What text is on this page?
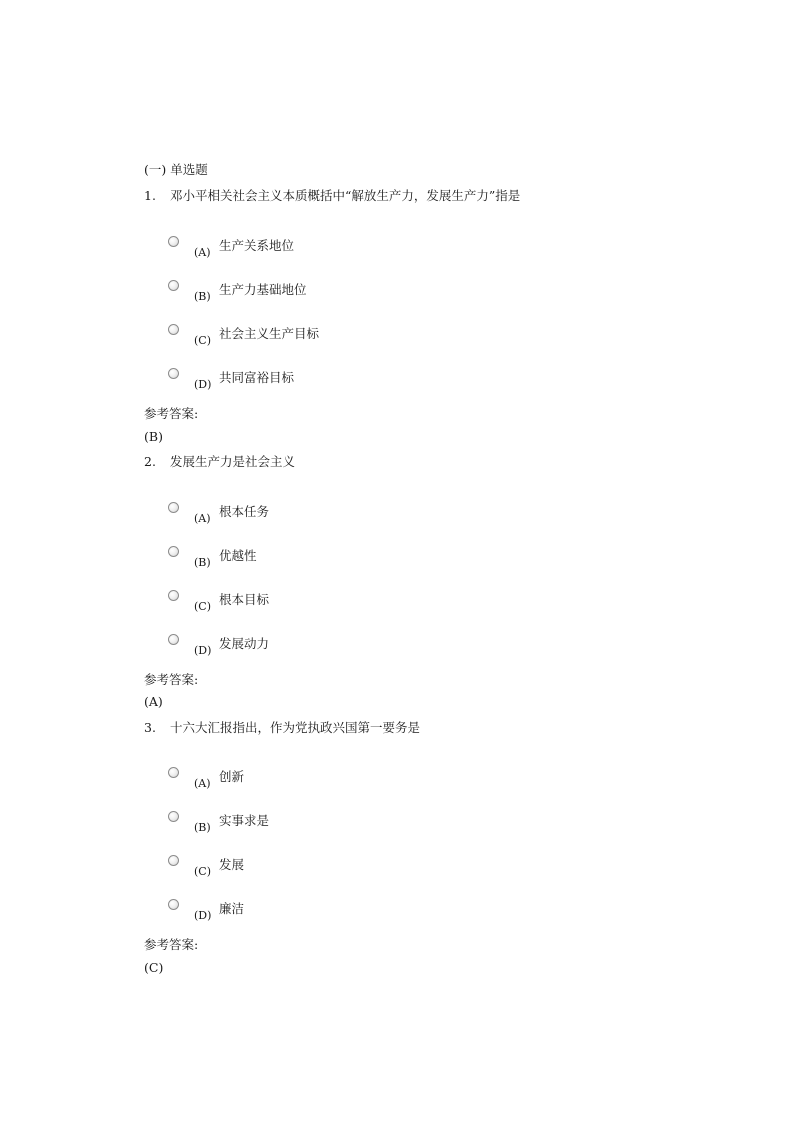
(一) 单选题
1. 邓小平相关社会主义本质概括中“解放生产力，发展生产力”指是
(A) 生产关系地位
(B) 生产力基础地位
(C) 社会主义生产目标
(D) 共同富裕目标
参考答案:
(B)
2. 发展生产力是社会主义
(A) 根本任务
(B) 优越性
(C) 根本目标
(D) 发展动力
参考答案:
(A)
3. 十六大汇报指出，作为党执政兴国第一要务是
(A) 创新
(B) 实事求是
(C) 发展
(D) 廉洁
参考答案:
(C)
